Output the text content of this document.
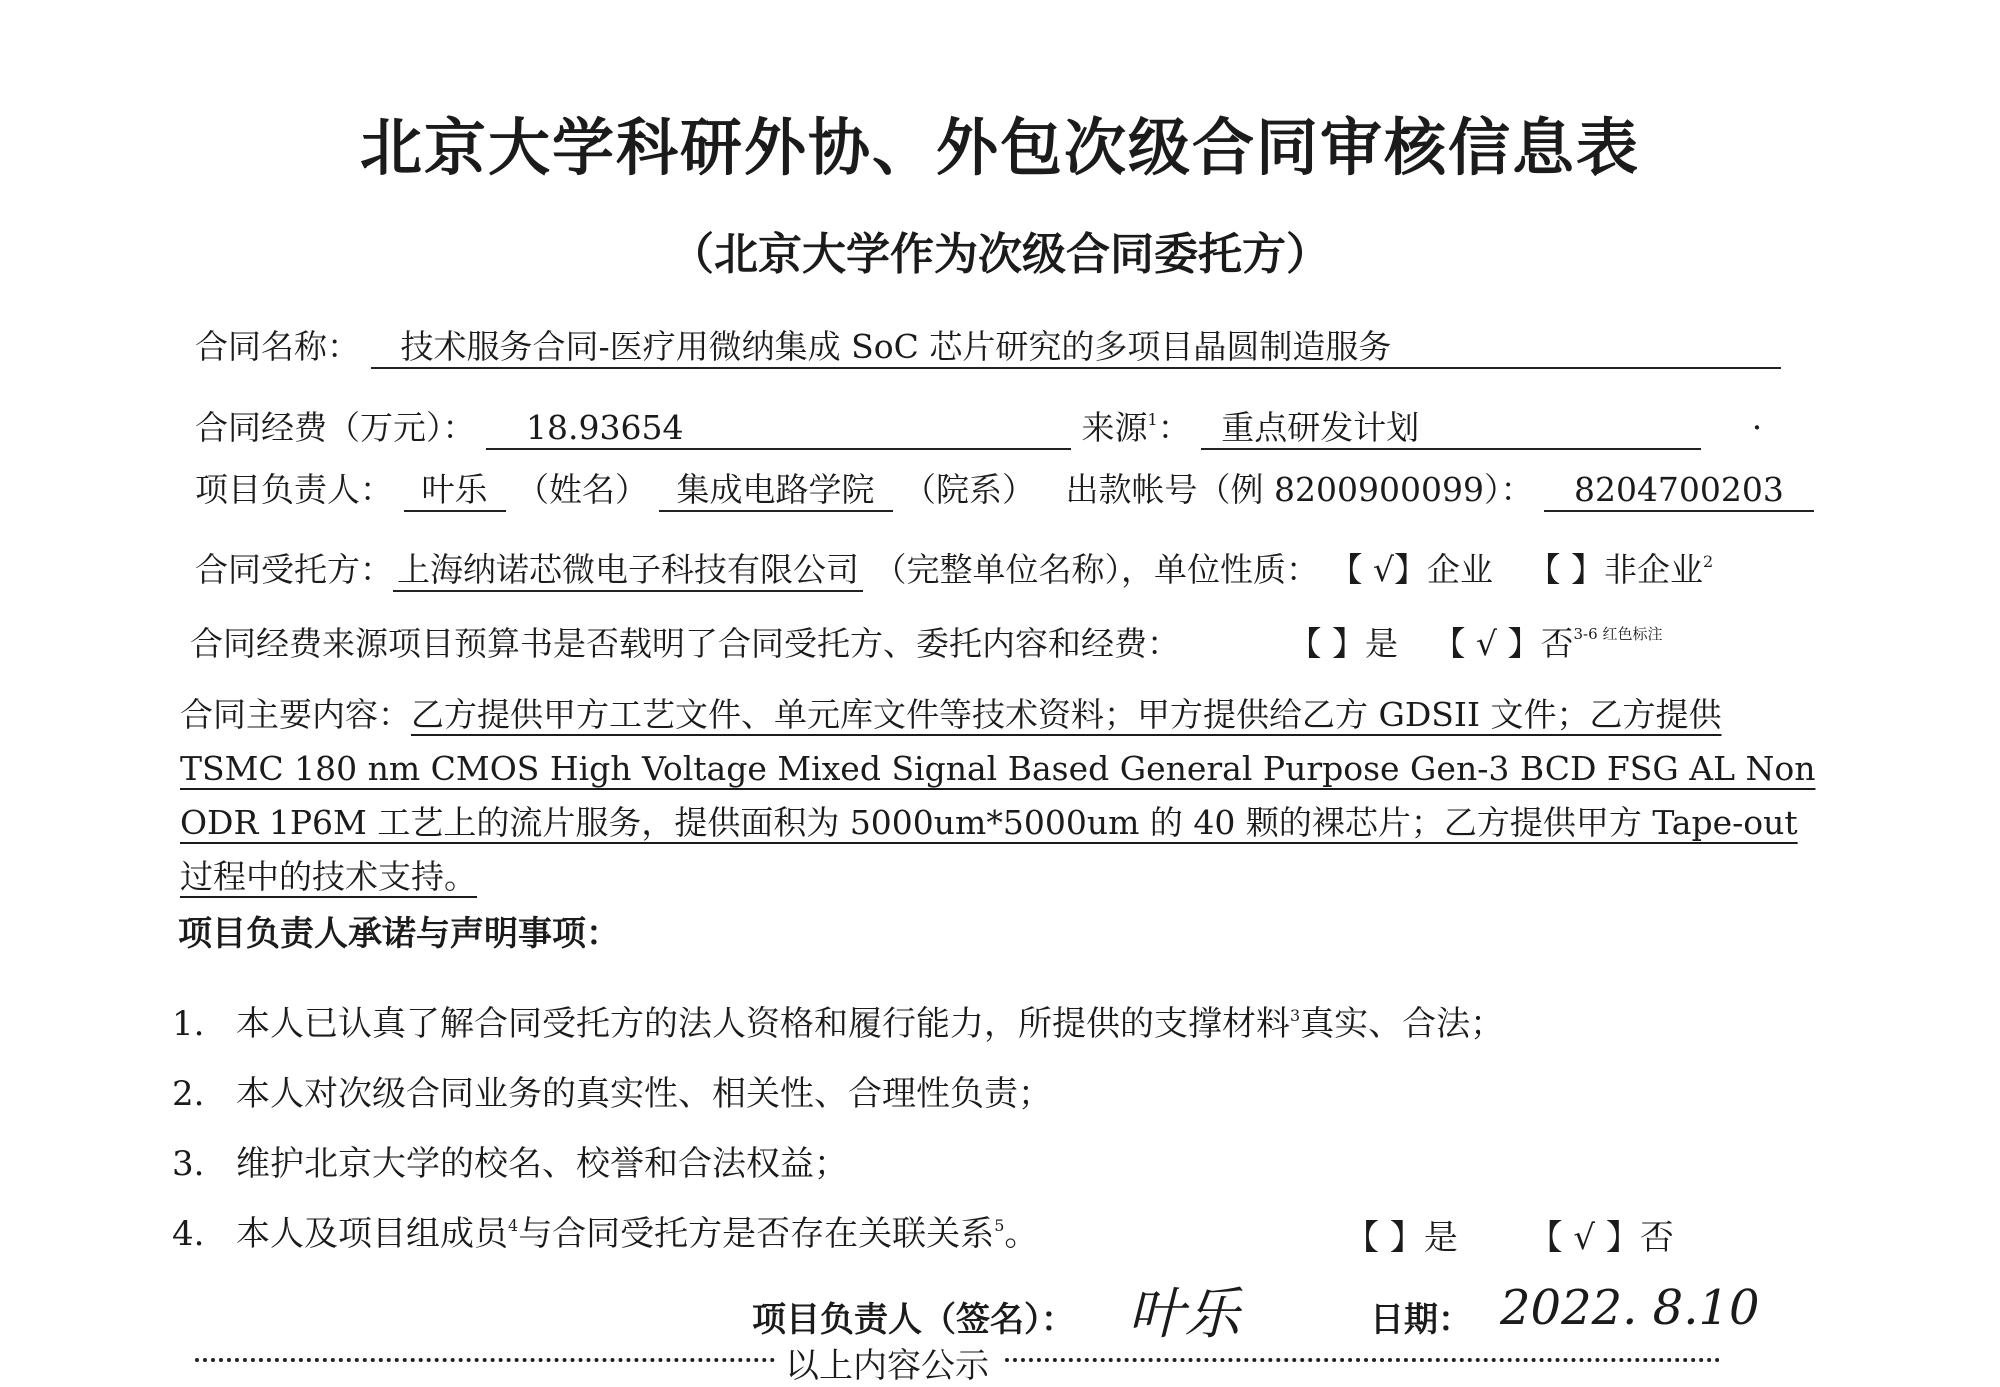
北京大学科研外协、外包次级合同审核信息表
（北京大学作为次级合同委托方）
合同名称： 技术服务合同-医疗用微纳集成 SoC 芯片研究的多项目晶圆制造服务
合同经费（万元）： 18.93654	来源$^1$： 重点研发计划	·
项目负责人： 叶乐 （姓名） 集成电路学院 （院系） 出款帐号（例 8200900099）： 8204700203
合同受托方： 上海纳诺芯微电子科技有限公司 （完整单位名称），单位性质： 【 √】企业 【 】非企业$^2$
合同经费来源项目预算书是否载明了合同受托方、委托内容和经费：	【 】是 【 √ 】否$^{3-6 红色标注}$
合同主要内容：乙方提供甲方工艺文件、单元库文件等技术资料；甲方提供给乙方 GDSII 文件；乙方提供 TSMC 180 nm CMOS High Voltage Mixed Signal Based General Purpose Gen-3 BCD FSG AL Non ODR 1P6M 工艺上的流片服务，提供面积为 5000um*5000um 的 40 颗的裸芯片；乙方提供甲方 Tape-out 过程中的技术支持。
项目负责人承诺与声明事项：
1. 本人已认真了解合同受托方的法人资格和履行能力，所提供的支撑材料$^3$真实、合法；
2. 本人对次级合同业务的真实性、相关性、合理性负责；
3. 维护北京大学的校名、校誉和合法权益；
4. 本人及项目组成员$^4$与合同受托方是否存在关联关系$^5$。	【 】是 【 √ 】否
项目负责人（签名）： 叶乐	日期： 2022. 8.10
以上内容公示
